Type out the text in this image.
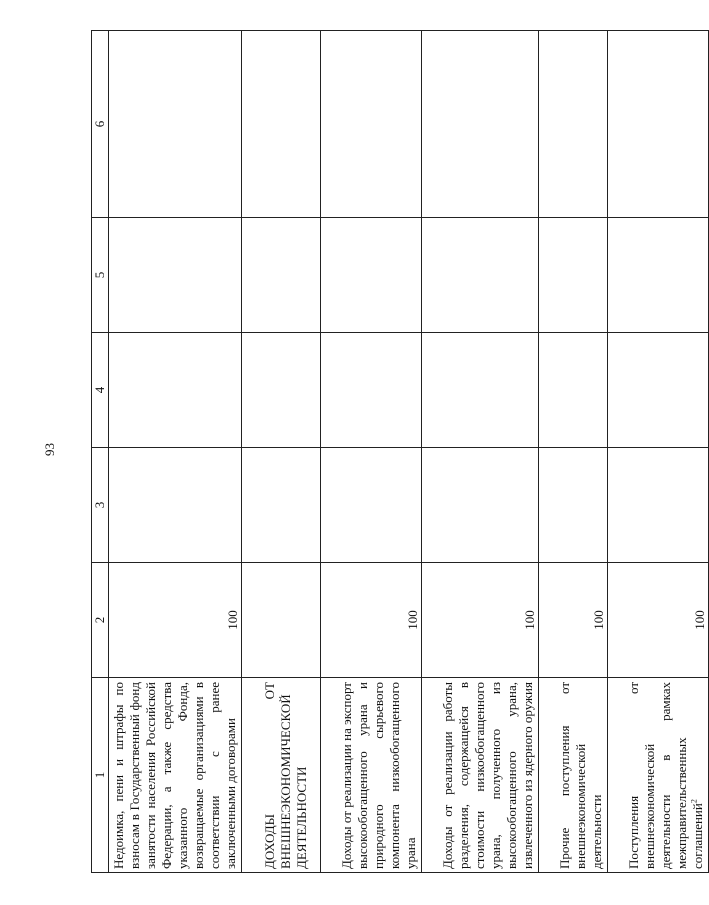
93
1	2	3	4	5	6
Недоимка, пени и штрафы по взносам в Государственный фонд занятости населения Российской Федерации, а также средства указанного Фонда, возвращаемые организациями в соответствии с ранее заключенными договорами	100				
ДОХОДЫ ОТ ВНЕШНЕЭКОНОМИЧЕСКОЙ ДЕЯТЕЛЬНОСТИ					
Доходы от реализации на экспорт высокообогащенного урана и природного сырьевого компонента низкообогащенного урана	100				
Доходы от реализации работы разделения, содержащейся в стоимости низкообогащенного урана, полученного из высокообогащенного урана, извлеченного из ядерного оружия	100				
Прочие поступления от внешнеэкономической деятельности	100				
Поступления от внешнеэкономической деятельности в рамках межправительственных соглашений$^2$	100				
